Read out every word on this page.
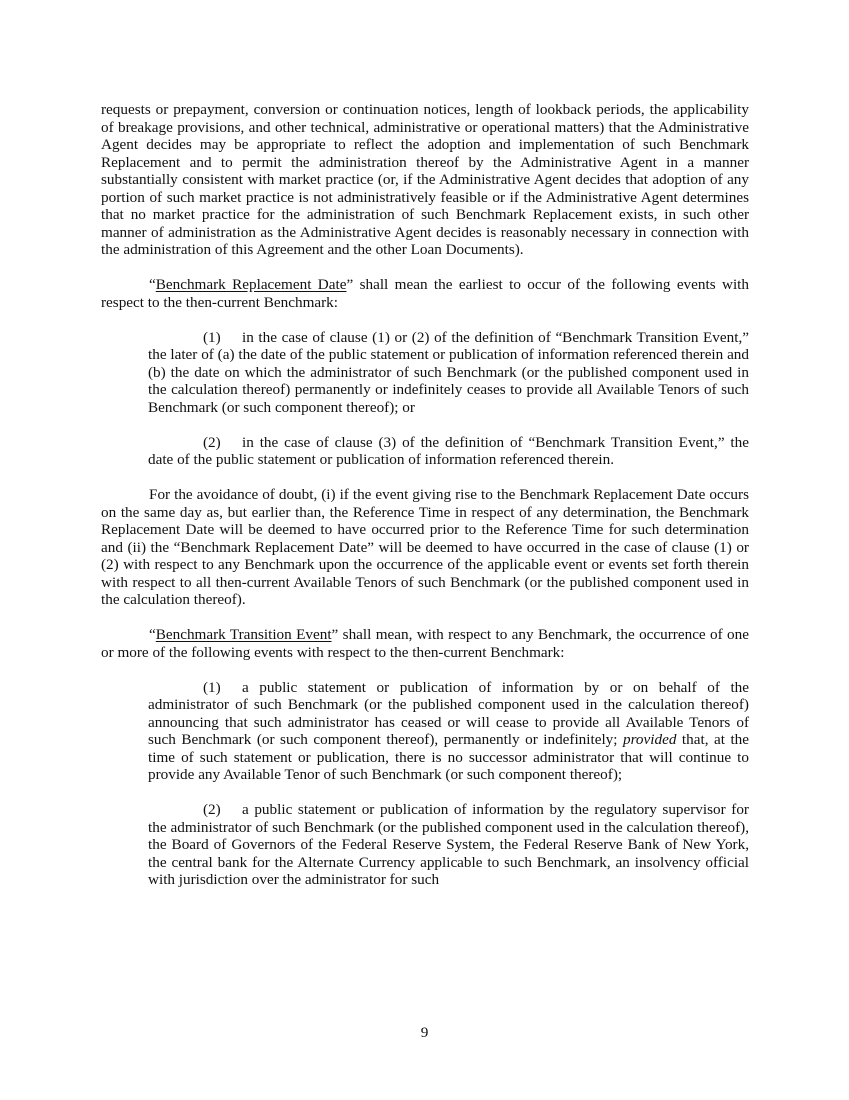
requests or prepayment, conversion or continuation notices, length of lookback periods, the applicability of breakage provisions, and other technical, administrative or operational matters) that the Administrative Agent decides may be appropriate to reflect the adoption and implementation of such Benchmark Replacement and to permit the administration thereof by the Administrative Agent in a manner substantially consistent with market practice (or, if the Administrative Agent decides that adoption of any portion of such market practice is not administratively feasible or if the Administrative Agent determines that no market practice for the administration of such Benchmark Replacement exists, in such other manner of administration as the Administrative Agent decides is reasonably necessary in connection with the administration of this Agreement and the other Loan Documents).

“Benchmark Replacement Date” shall mean the earliest to occur of the following events with respect to the then-current Benchmark:

(1) in the case of clause (1) or (2) of the definition of “Benchmark Transition Event,” the later of (a) the date of the public statement or publication of information referenced therein and (b) the date on which the administrator of such Benchmark (or the published component used in the calculation thereof) permanently or indefinitely ceases to provide all Available Tenors of such Benchmark (or such component thereof); or

(2) in the case of clause (3) of the definition of “Benchmark Transition Event,” the date of the public statement or publication of information referenced therein.

For the avoidance of doubt, (i) if the event giving rise to the Benchmark Replacement Date occurs on the same day as, but earlier than, the Reference Time in respect of any determination, the Benchmark Replacement Date will be deemed to have occurred prior to the Reference Time for such determination and (ii) the “Benchmark Replacement Date” will be deemed to have occurred in the case of clause (1) or (2) with respect to any Benchmark upon the occurrence of the applicable event or events set forth therein with respect to all then-current Available Tenors of such Benchmark (or the published component used in the calculation thereof).

“Benchmark Transition Event” shall mean, with respect to any Benchmark, the occurrence of one or more of the following events with respect to the then-current Benchmark:

(1) a public statement or publication of information by or on behalf of the administrator of such Benchmark (or the published component used in the calculation thereof) announcing that such administrator has ceased or will cease to provide all Available Tenors of such Benchmark (or such component thereof), permanently or indefinitely; provided that, at the time of such statement or publication, there is no successor administrator that will continue to provide any Available Tenor of such Benchmark (or such component thereof);

(2) a public statement or publication of information by the regulatory supervisor for the administrator of such Benchmark (or the published component used in the calculation thereof), the Board of Governors of the Federal Reserve System, the Federal Reserve Bank of New York, the central bank for the Alternate Currency applicable to such Benchmark, an insolvency official with jurisdiction over the administrator for such

9
